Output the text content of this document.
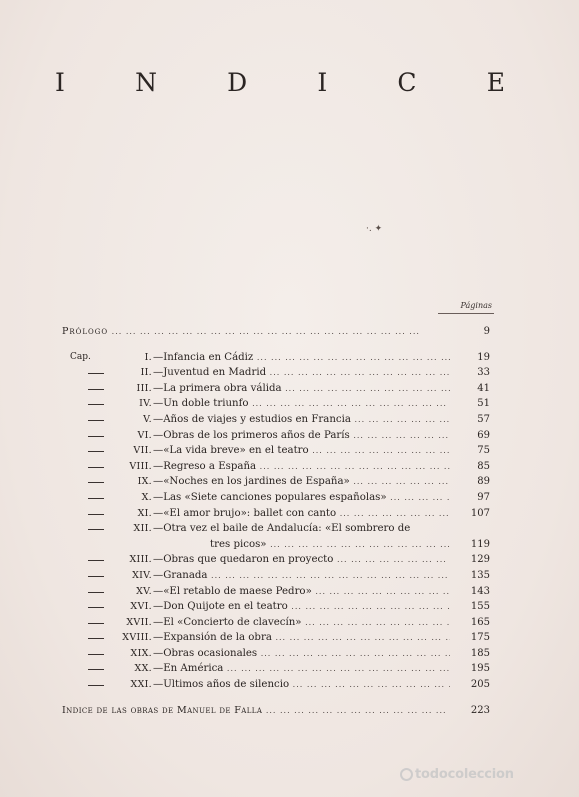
I	N	D	I	C	E
·. ✦
Páginas
Prólogo ... .	9
Cap.	I. —Infancia en Cádiz ... .	19
II. —Juventud en Madrid ... .	33
III. —La primera obra válida ... .	41
IV. —Un doble triunfo ... .	51
V. —Años de viajes y estudios en Francia ... .	57
VI. —Obras de los primeros años de París ... .	69
VII. —«La vida breve» en el teatro ... .	75
VIII. —Regreso a España ... .	85
IX. —«Noches en los jardines de España» ... .	89
X. —Las «Siete canciones populares españolas» ... .	97
XI. —«El amor brujo»: ballet con canto ... .	107
XII. —Otra vez el baile de Andalucía: «El sombrero de
tres picos» ... .	119
XIII. —Obras que quedaron en proyecto ... .	129
XIV. —Granada ... .	135
XV. —«El retablo de maese Pedro» ... .	143
XVI. —Don Quijote en el teatro ... .	155
XVII. —El «Concierto de clavecín» ... .	165
XVIII. —Expansión de la obra ... .	175
XIX. —Obras ocasionales ... .	185
XX. —En América ... .	195
XXI. —Ultimos años de silencio ... .	205
Indice de las obras de Manuel de Falla ... .	223
todocoleccion
